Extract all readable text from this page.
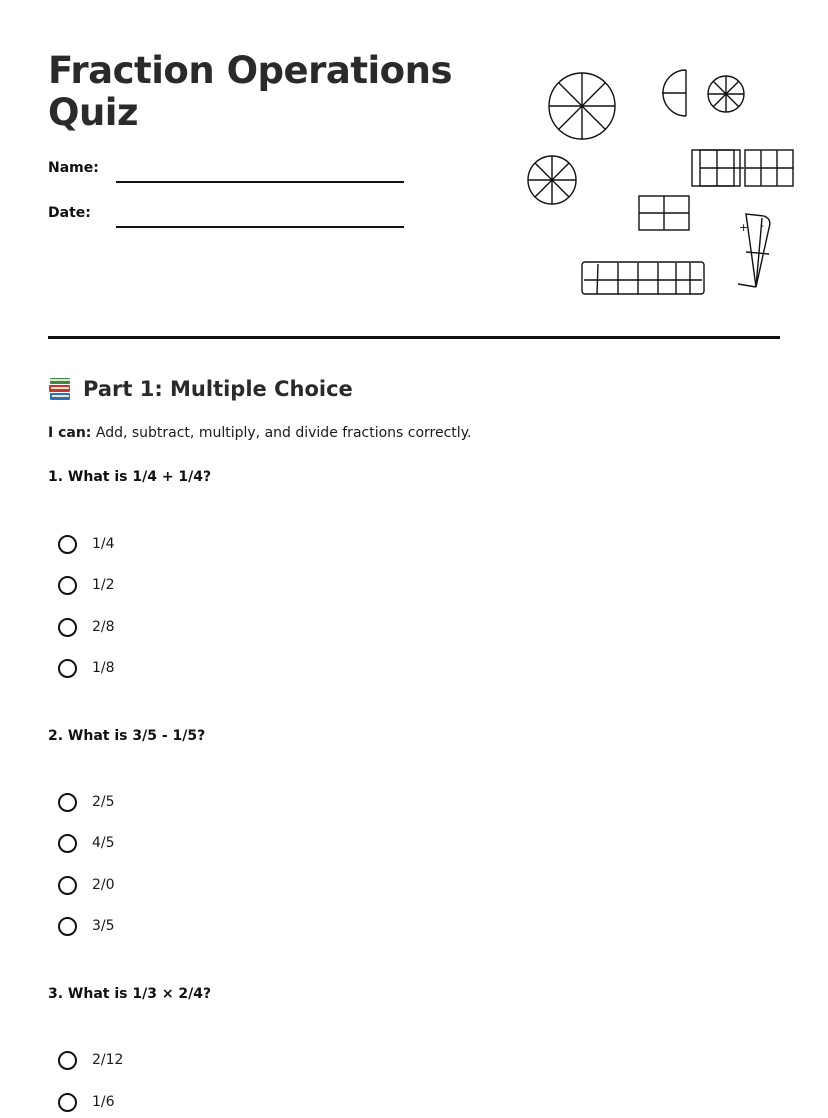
Fraction Operations Quiz
Name:
Date:
+ -
Part 1: Multiple Choice
I can: Add, subtract, multiply, and divide fractions correctly.
1. What is 1/4 + 1/4?
1/4
1/2
2/8
1/8
2. What is 3/5 - 1/5?
2/5
4/5
2/0
3/5
3. What is 1/3 × 2/4?
2/12
1/6
